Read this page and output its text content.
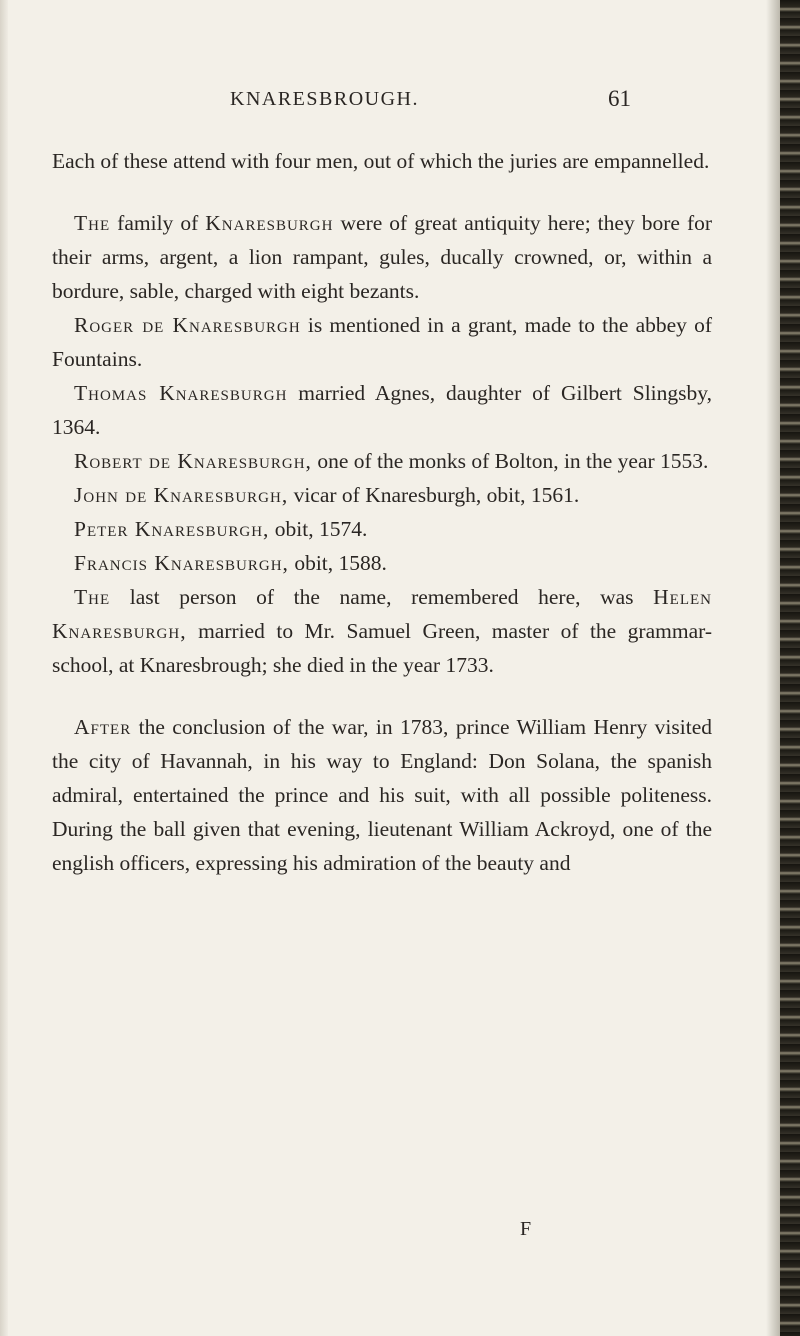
KNARESBROUGH.	61

Each of these attend with four men, out of which the juries are empannelled.

The family of Knaresburgh were of great antiquity here; they bore for their arms, argent, a lion rampant, gules, ducally crowned, or, within a bordure, sable, charged with eight bezants.

Roger de Knaresburgh is mentioned in a grant, made to the abbey of Fountains.

Thomas Knaresburgh married Agnes, daughter of Gilbert Slingsby, 1364.

Robert de Knaresburgh, one of the monks of Bolton, in the year 1553.

John de Knaresburgh, vicar of Knaresburgh, obit, 1561.

Peter Knaresburgh, obit, 1574.

Francis Knaresburgh, obit, 1588.

The last person of the name, remembered here, was Helen Knaresburgh, married to Mr. Samuel Green, master of the grammar-school, at Knaresbrough; she died in the year 1733.

After the conclusion of the war, in 1783, prince William Henry visited the city of Havannah, in his way to England: Don Solana, the spanish admiral, entertained the prince and his suit, with all possible politeness. During the ball given that evening, lieutenant William Ackroyd, one of the english officers, expressing his admiration of the beauty and

F
